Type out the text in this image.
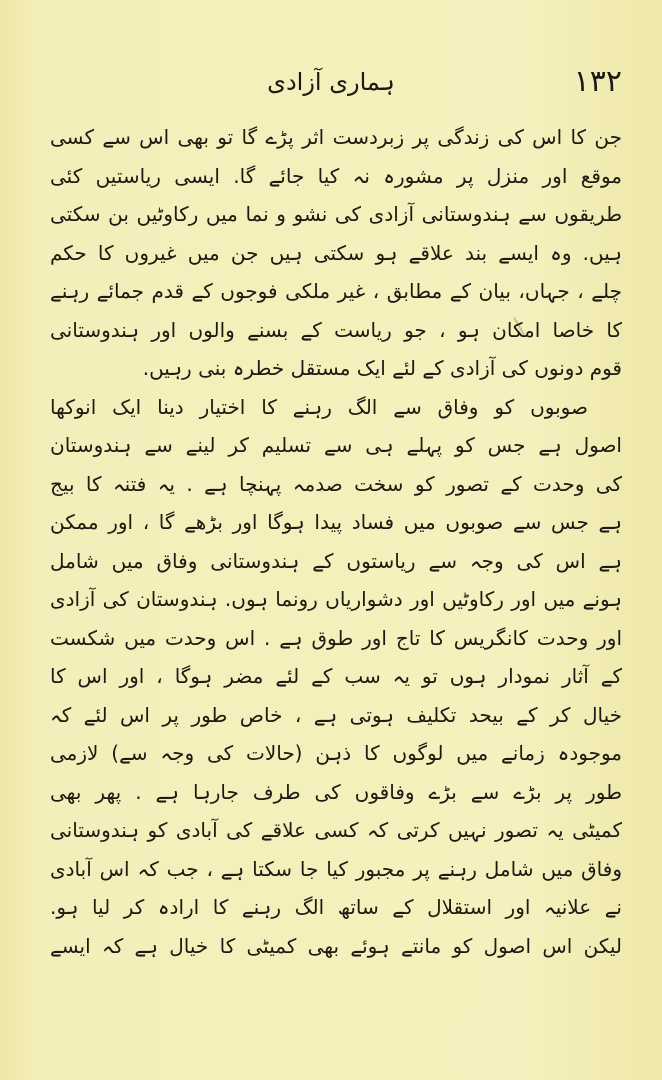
۱۳۲
ہماری آزادی
جن کا اس کی زندگی پر زبردست اثر پڑے گا تو بھی اس سے کسی
موقع اور منزل پر مشورہ نہ کیا جائے گا. ایسی ریاستیں کئی
طریقوں سے ہندوستانی آزادی کی نشو و نما میں رکاوٹیں بن سکتی
ہیں. وہ ایسے بند علاقے ہو سکتی ہیں جن میں غیروں کا حکم
چلے ، جہاں، بیان کے مطابق ، غیر ملکی فوجوں کے قدم جمائے رہنے
کا خاصا امکان ہو ، جو ریاست کے بسنے والوں اور ہندوستانی
قوم دونوں کی آزادی کے لئے ایک مستقل خطرہ بنی رہیں.
صوبوں کو وفاق سے الگ رہنے کا اختیار دینا ایک انوکھا
اصول ہے جس کو پہلے ہی سے تسلیم کر لینے سے ہندوستان
کی وحدت کے تصور کو سخت صدمہ پہنچا ہے . یہ فتنہ کا بیج
ہے جس سے صوبوں میں فساد پیدا ہوگا اور بڑھے گا ، اور ممکن
ہے اس کی وجہ سے ریاستوں کے ہندوستانی وفاق میں شامل
ہونے میں اور رکاوٹیں اور دشواریاں رونما ہوں. ہندوستان کی آزادی
اور وحدت کانگریس کا تاج اور طوق ہے . اس وحدت میں شکست
کے آثار نمودار ہوں تو یہ سب کے لئے مضر ہوگا ، اور اس کا
خیال کر کے بیحد تکلیف ہوتی ہے ، خاص طور پر اس لئے کہ
موجودہ زمانے میں لوگوں کا ذہن (حالات کی وجہ سے) لازمی
طور پر بڑے سے بڑے وفاقوں کی طرف جارہا ہے . پھر بھی
کمیٹی یہ تصور نہیں کرتی کہ کسی علاقے کی آبادی کو ہندوستانی
وفاق میں شامل رہنے پر مجبور کیا جا سکتا ہے ، جب کہ اس آبادی
نے علانیہ اور استقلال کے ساتھ الگ رہنے کا ارادہ کر لیا ہو.
لیکن اس اصول کو مانتے ہوئے بھی کمیٹی کا خیال ہے کہ ایسے
